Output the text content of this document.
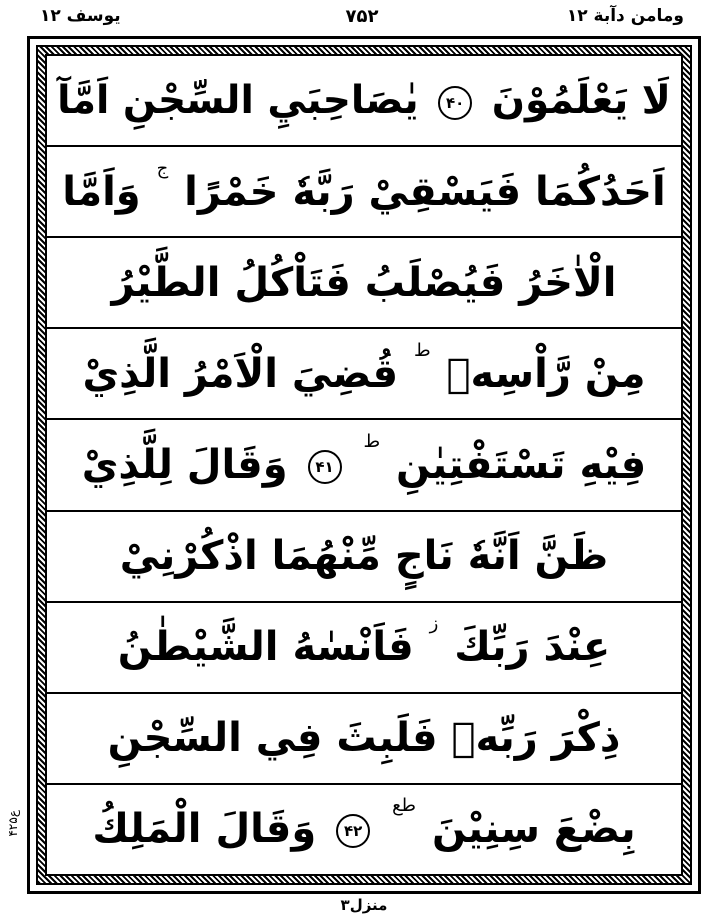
ومامن دآبة ۱۲
۷۵۲
يوسف ۱۲
لَا يَعْلَمُوْنَ ۴۰ يٰصَاحِبَيِ السِّجْنِ اَمَّآ
اَحَدُكُمَا فَيَسْقِيْ رَبَّهٗ خَمْرًا ج وَاَمَّا
الْاٰخَرُ فَيُصْلَبُ فَتَاْكُلُ الطَّيْرُ
مِنْ رَّاْسِهٖ ط قُضِيَ الْاَمْرُ الَّذِيْ
فِيْهِ تَسْتَفْتِيٰنِ ط ۴۱ وَقَالَ لِلَّذِيْ
ظَنَّ اَنَّهٗ نَاجٍ مِّنْهُمَا اذْكُرْنِيْ
عِنْدَ رَبِّكَ ز فَاَنْسٰهُ الشَّيْطٰنُ
ذِكْرَ رَبِّهٖ فَلَبِثَ فِي السِّجْنِ
بِضْعَ سِنِيْنَ طع ۴۲ وَقَالَ الْمَلِكُ
۴۲ع۵
منزل۳
